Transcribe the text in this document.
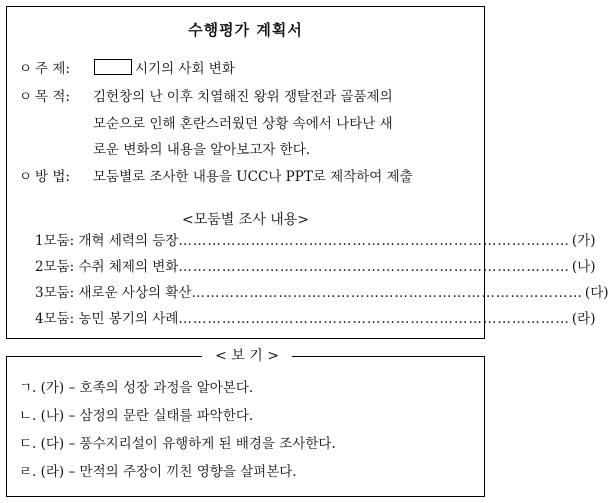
수행평가 계획서
ㅇ 주 제:	시기의 사회 변화
ㅇ 목 적: 김헌창의 난 이후 치열해진 왕위 쟁탈전과 골품제의
모순으로 인해 혼란스러웠던 상황 속에서 나타난 새
로운 변화의 내용을 알아보고자 한다.
ㅇ 방 법: 모둠별로 조사한 내용을 UCC나 PPT로 제작하여 제출
<모둠별 조사 내용>
1모둠: 개혁 세력의 등장 ……………………………………………………………………… (가)
2모둠: 수취 체제의 변화 ……………………………………………………………………… (나)
3모둠: 새로운 사상의 확산 ……………………………………………………………………… (다)
4모둠: 농민 봉기의 사례 ……………………………………………………………………… (라)
< 보 기 >
ㄱ. (가) – 호족의 성장 과정을 알아본다.
ㄴ. (나) – 삼정의 문란 실태를 파악한다.
ㄷ. (다) – 풍수지리설이 유행하게 된 배경을 조사한다.
ㄹ. (라) – 만적의 주장이 끼친 영향을 살펴본다.
